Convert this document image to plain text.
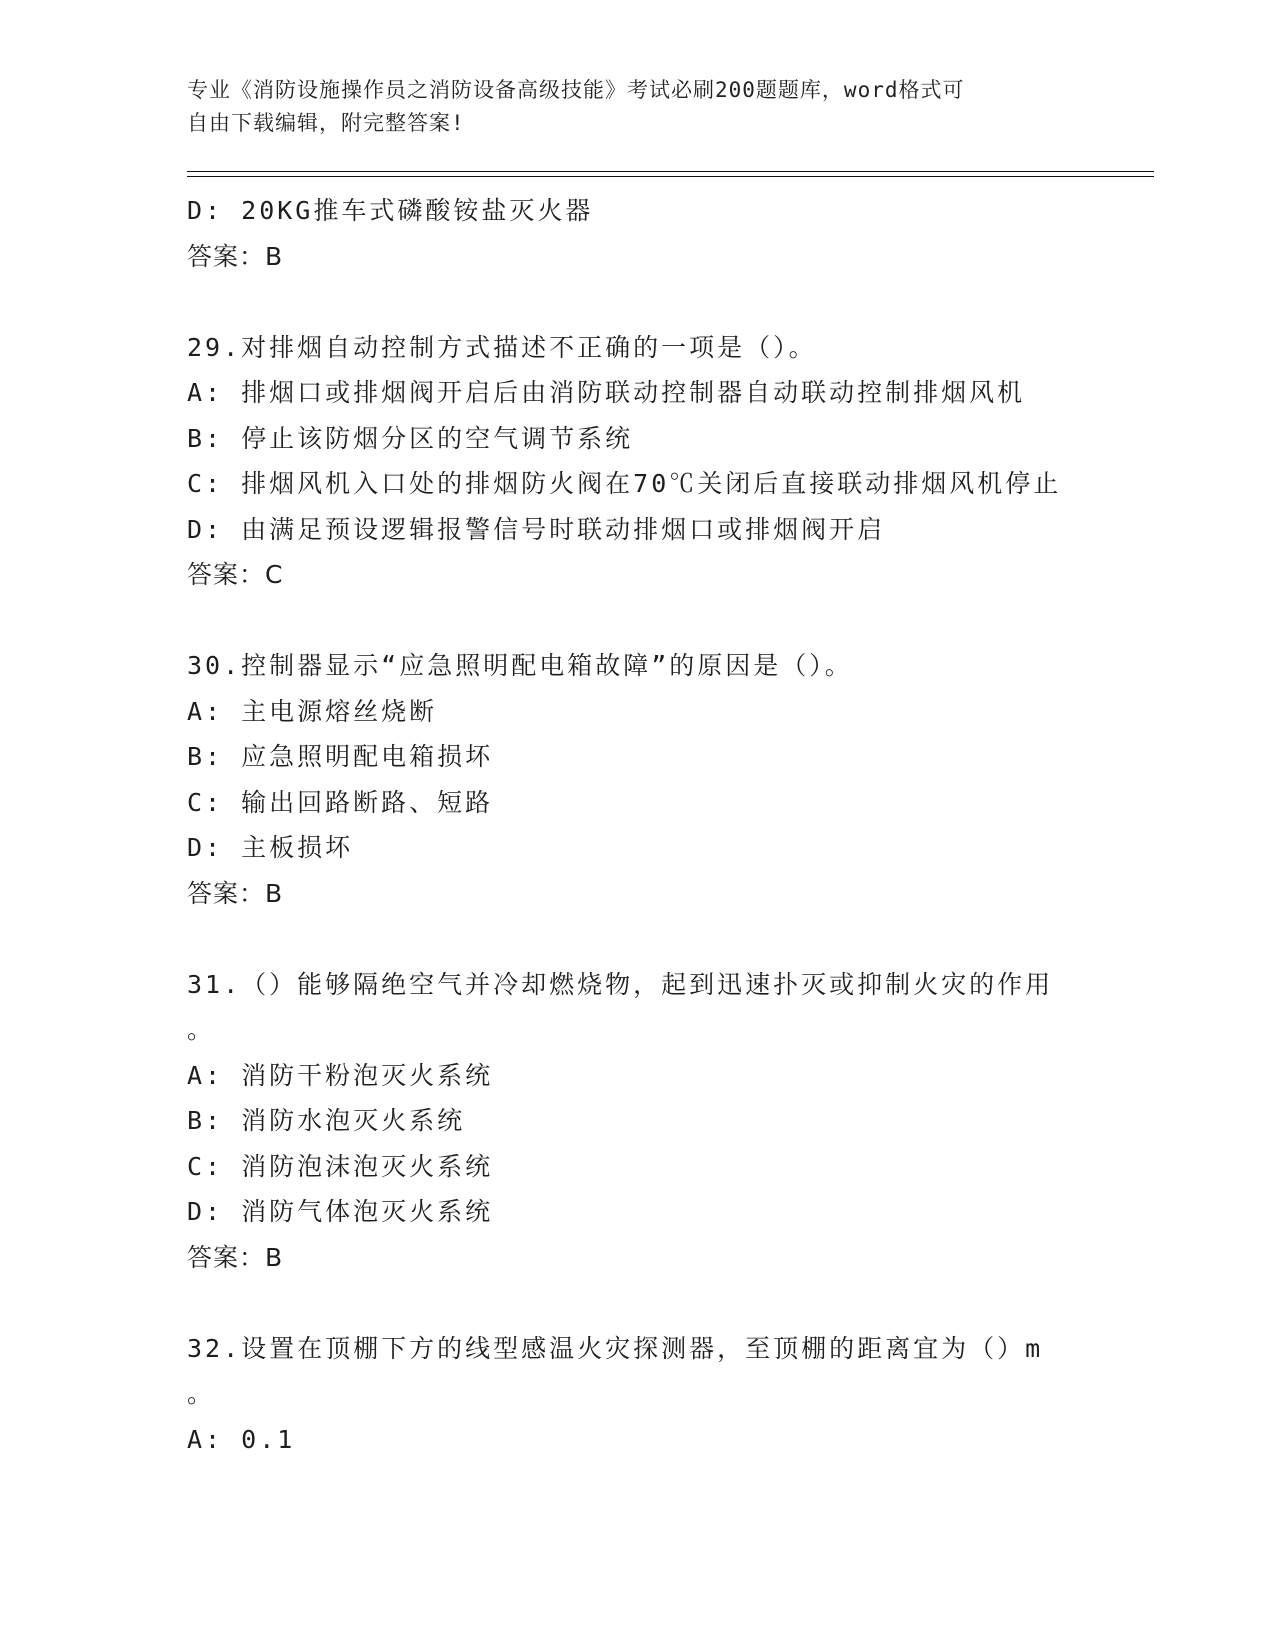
专业《消防设施操作员之消防设备高级技能》考试必刷200题题库，word格式可
自由下载编辑，附完整答案!
D: 20KG推车式磷酸铵盐灭火器
答案：B
29.对排烟自动控制方式描述不正确的一项是（）。
A: 排烟口或排烟阀开启后由消防联动控制器自动联动控制排烟风机
B: 停止该防烟分区的空气调节系统
C: 排烟风机入口处的排烟防火阀在70℃关闭后直接联动排烟风机停止
D: 由满足预设逻辑报警信号时联动排烟口或排烟阀开启
答案：C
30.控制器显示“应急照明配电箱故障”的原因是（）。
A: 主电源熔丝烧断
B: 应急照明配电箱损坏
C: 输出回路断路、短路
D: 主板损坏
答案：B
31.（）能够隔绝空气并冷却燃烧物，起到迅速扑灭或抑制火灾的作用
。
A: 消防干粉泡灭火系统
B: 消防水泡灭火系统
C: 消防泡沫泡灭火系统
D: 消防气体泡灭火系统
答案：B
32.设置在顶棚下方的线型感温火灾探测器，至顶棚的距离宜为（）m
。
A: 0.1
